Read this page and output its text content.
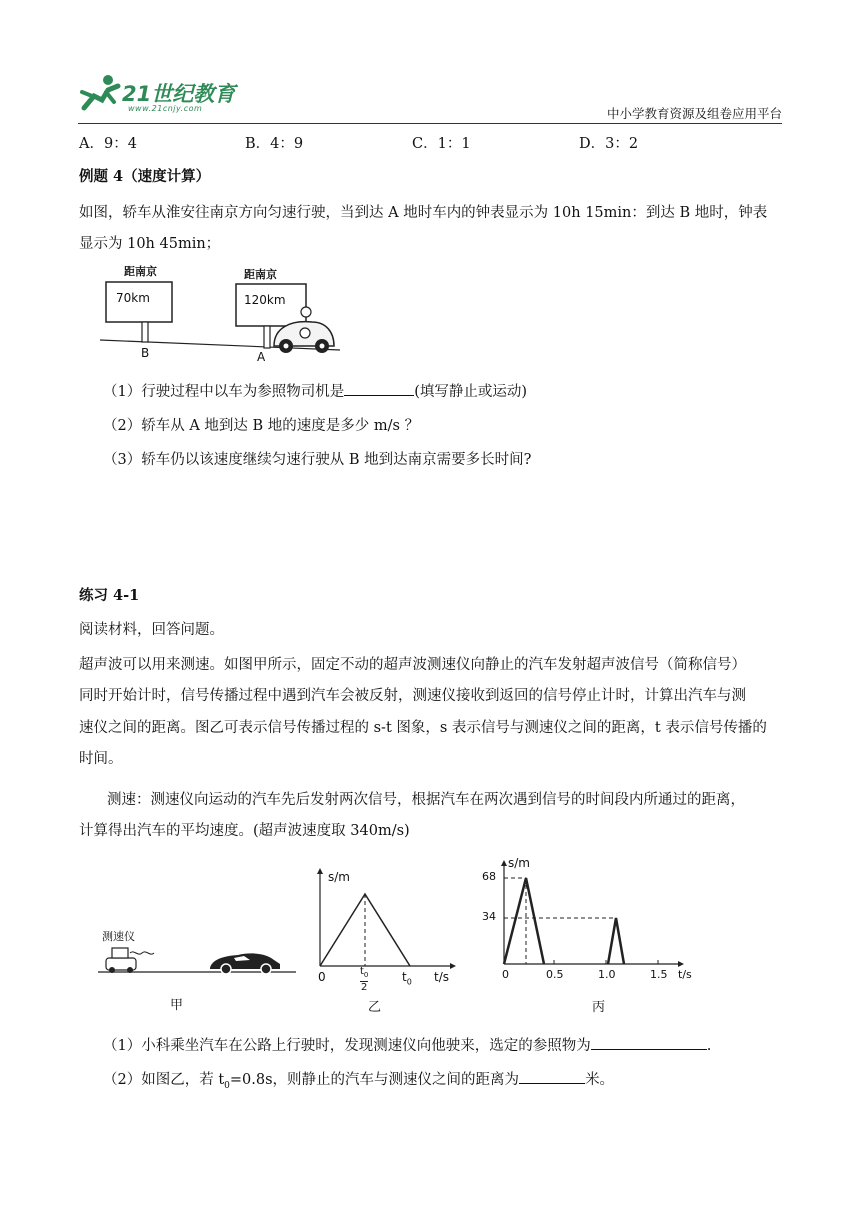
21世纪教育
www.21cnjy.com	中小学教育资源及组卷应用平台
A．9：4	B．4：9	C．1：1	D．3：2
例题 4（速度计算）
如图，轿车从淮安往南京方向匀速行驶，当到达 A 地时车内的钟表显示为 10h 15min：到达 B 地时，钟表
显示为 10h 45min；
距南京
70km
距南京
120km
B	A
（1）行驶过程中以车为参照物司机是	(填写静止或运动)
（2）轿车从 A 地到达 B 地的速度是多少 m/s ？
（3）轿车仍以该速度继续匀速行驶从 B 地到达南京需要多长时间?
练习 4-1
阅读材料，回答问题。
超声波可以用来测速。如图甲所示，固定不动的超声波测速仪向静止的汽车发射超声波信号（简称信号）
同时开始计时，信号传播过程中遇到汽车会被反射，测速仪接收到返回的信号停止计时，计算出汽车与测
速仪之间的距离。图乙可表示信号传播过程的 s-t 图象，s 表示信号与测速仪之间的距离，t 表示信号传播的
时间。
测速：测速仪向运动的汽车先后发射两次信号，根据汽车在两次遇到信号的时间段内所通过的距离，
计算得出汽车的平均速度。(超声波速度取 340m/s)
测速仪
甲
s/m
0	$t_0$
2
$t_0$ t/s
乙
s/m
68
34
0	0.5	1.0	1.5 t/s
丙
（1）小科乘坐汽车在公路上行驶时，发现测速仪向他驶来，选定的参照物为	.
（2）如图乙，若 $t_0=0.8s$，则静止的汽车与测速仪之间的距离为	米。
